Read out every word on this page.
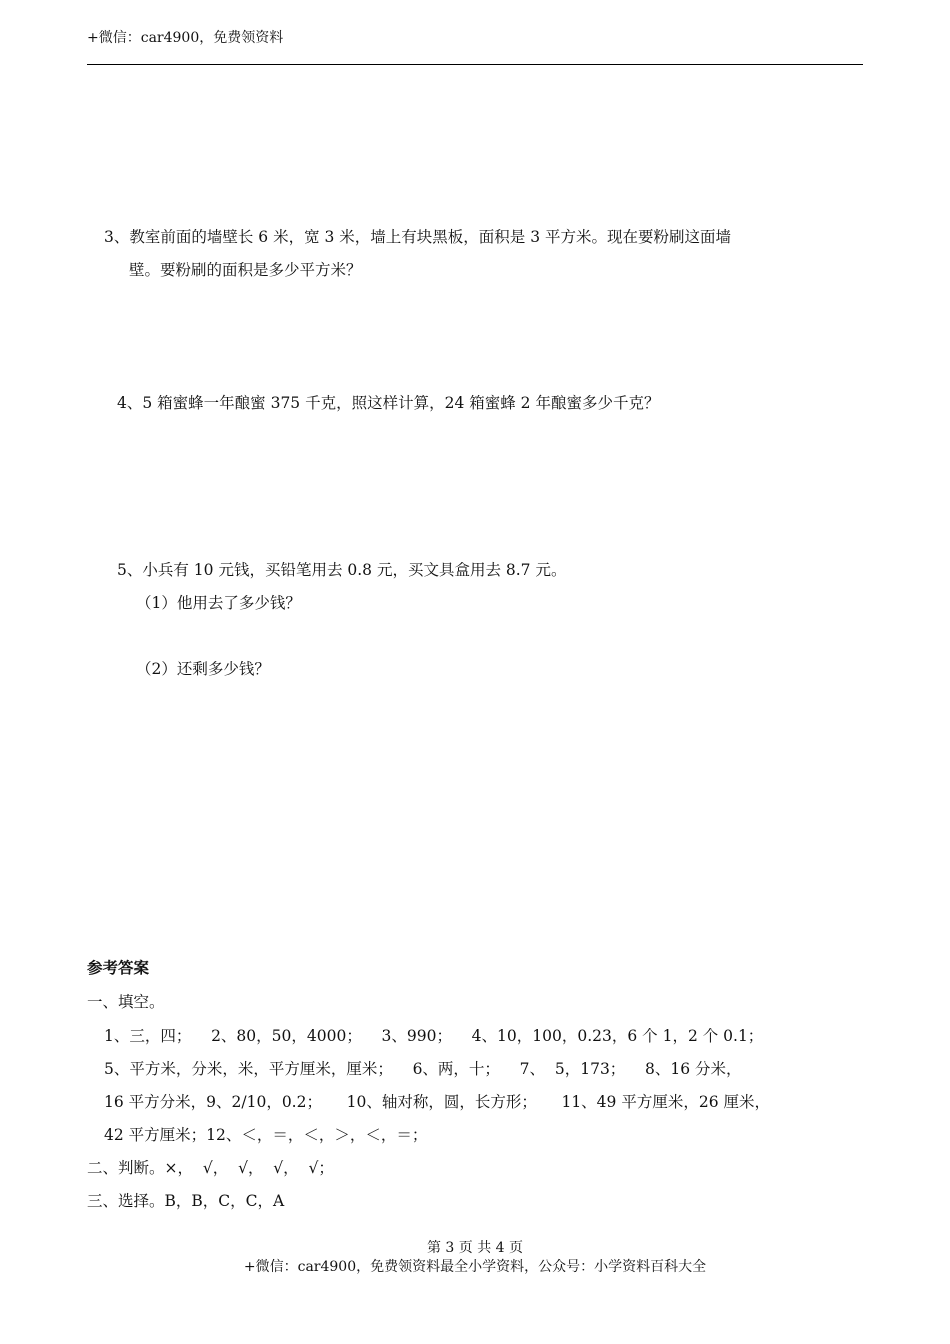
+微信：car4900，免费领资料
3、教室前面的墙壁长 6 米，宽 3 米，墙上有块黑板，面积是 3 平方米。现在要粉刷这面墙
壁。要粉刷的面积是多少平方米？
4、5 箱蜜蜂一年酿蜜 375 千克，照这样计算，24 箱蜜蜂 2 年酿蜜多少千克？
5、小兵有 10 元钱，买铅笔用去 0.8 元，买文具盒用去 8.7 元。
（1）他用去了多少钱？
（2）还剩多少钱？
参考答案
一、填空。
1、三，四；    2、80，50，4000；    3、990；    4、10，100，0.23，6 个 1，2 个 0.1；
5、平方米，分米，米，平方厘米，厘米；    6、两，十；    7、  5，173；    8、16 分米，
16 平方分米，9、2/10，0.2；     10、轴对称，圆，长方形；     11、49 平方厘米，26 厘米，
42 平方厘米；12、＜，＝，＜，＞，＜，＝；
二、判断。×，  √，  √，  √，  √；
三、选择。B，B，C，C，A
第 3 页 共 4 页
+微信：car4900，免费领资料最全小学资料，公众号：小学资料百科大全
